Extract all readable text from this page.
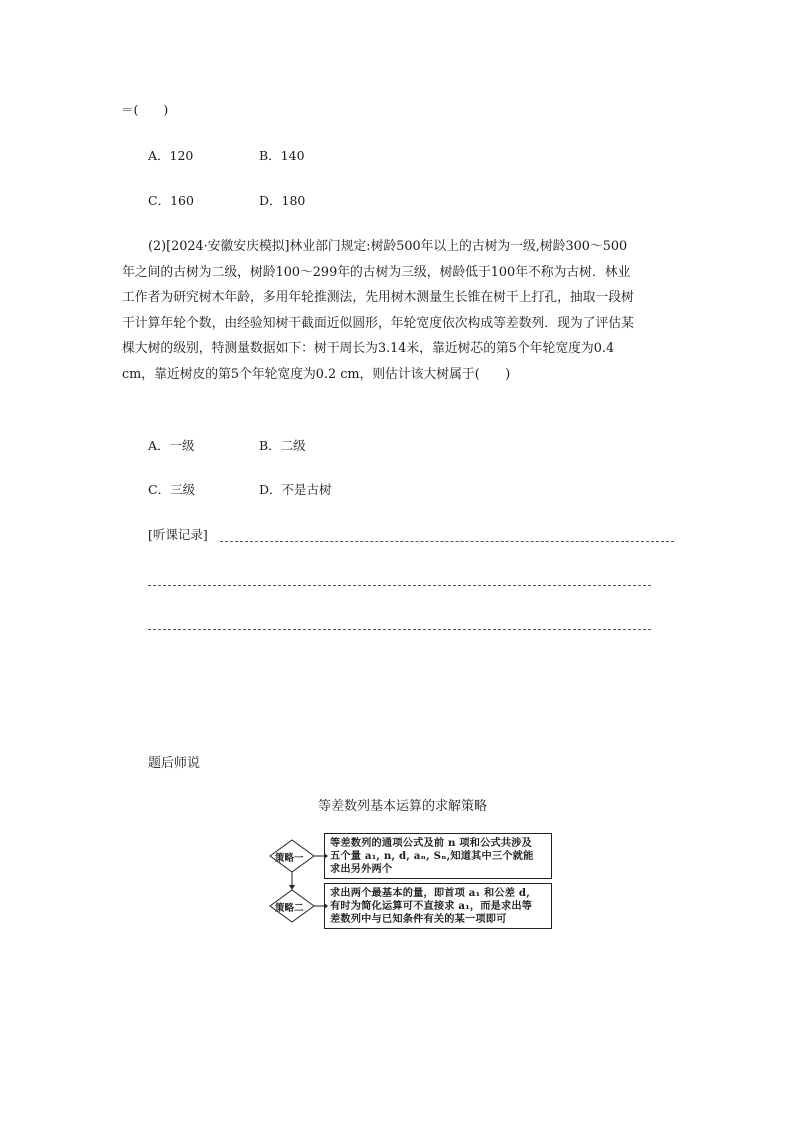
＝(　　)
A．120	B．140
C．160	D．180
(2)[2024·安徽安庆模拟]林业部门规定:树龄500年以上的古树为一级,树龄300～500
年之间的古树为二级，树龄100～299年的古树为三级，树龄低于100年不称为古树．林业
工作者为研究树木年龄，多用年轮推测法，先用树木测量生长锥在树干上打孔，抽取一段树
干计算年轮个数，由经验知树干截面近似圆形，年轮宽度依次构成等差数列．现为了评估某
棵大树的级别，特测量数据如下：树干周长为3.14米，靠近树芯的第5个年轮宽度为0.4
cm，靠近树皮的第5个年轮宽度为0.2 cm，则估计该大树属于(　　)
A．一级	B．二级
C．三级	D．不是古树
[听课记录]
题后师说
等差数列基本运算的求解策略
策略一
策略二
等差数列的通项公式及前 n 项和公式共涉及
五个量 a₁, n, d, aₙ, Sₙ,知道其中三个就能
求出另外两个
求出两个最基本的量，即首项 a₁ 和公差 d,
有时为简化运算可不直接求 a₁，而是求出等
差数列中与已知条件有关的某一项即可
